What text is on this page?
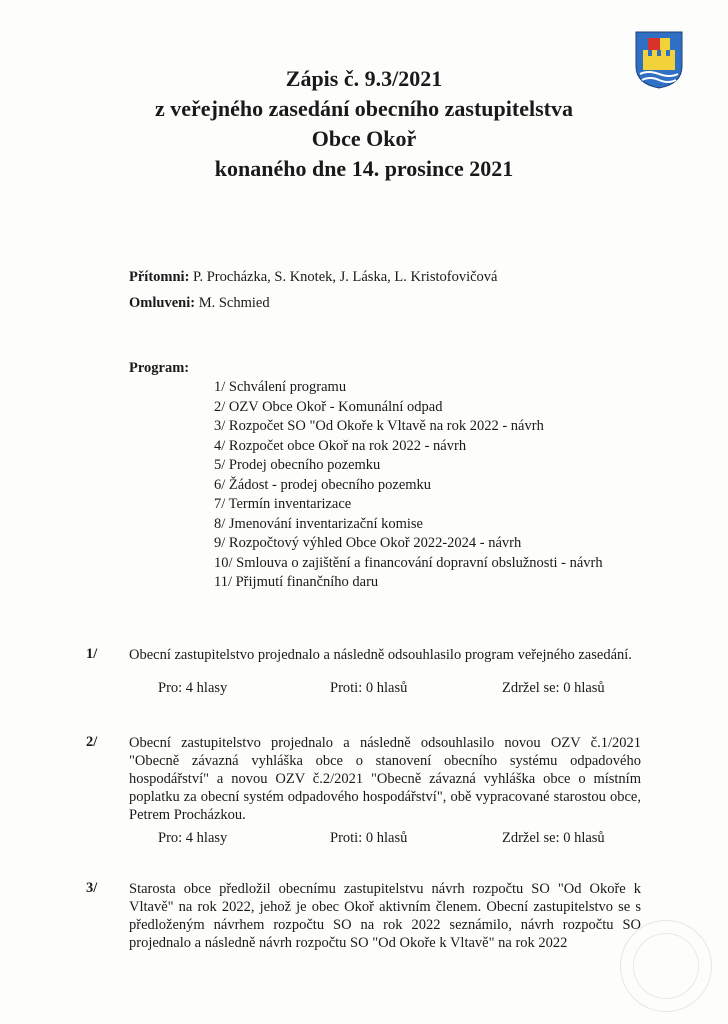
Zápis č. 9.3/2021
z veřejného zasedání obecního zastupitelstva
Obce Okoř
konaného dne 14. prosince 2021
Přítomni: P. Procházka, S. Knotek, J. Láska, L. Kristofovičová
Omluveni: M. Schmied
Program:
1/ Schválení programu
2/ OZV Obce Okoř - Komunální odpad
3/ Rozpočet SO "Od Okoře k Vltavě na rok 2022 - návrh
4/ Rozpočet obce Okoř na rok 2022 - návrh
5/ Prodej obecního pozemku
6/ Žádost - prodej obecního pozemku
7/ Termín inventarizace
8/ Jmenování inventarizační komise
9/ Rozpočtový výhled Obce Okoř 2022-2024 - návrh
10/ Smlouva o zajištění a financování dopravní obslužnosti - návrh
11/ Přijmutí finančního daru
1/ Obecní zastupitelstvo projednalo a následně odsouhlasilo program veřejného zasedání.
Pro: 4 hlasy	Proti: 0 hlasů	Zdržel se: 0 hlasů
2/ Obecní zastupitelstvo projednalo a následně odsouhlasilo novou OZV č.1/2021 "Obecně závazná vyhláška obce o stanovení obecního systému odpadového hospodářství" a novou OZV č.2/2021 "Obecně závazná vyhláška obce o místním poplatku za obecní systém odpadového hospodářství", obě vypracované starostou obce, Petrem Procházkou.
Pro: 4 hlasy	Proti: 0 hlasů	Zdržel se: 0 hlasů
3/ Starosta obce předložil obecnímu zastupitelstvu návrh rozpočtu SO "Od Okoře k Vltavě" na rok 2022, jehož je obec Okoř aktivním členem. Obecní zastupitelstvo se s předloženým návrhem rozpočtu SO na rok 2022 seznámilo, návrh rozpočtu SO projednalo a následně návrh rozpočtu SO "Od Okoře k Vltavě" na rok 2022
